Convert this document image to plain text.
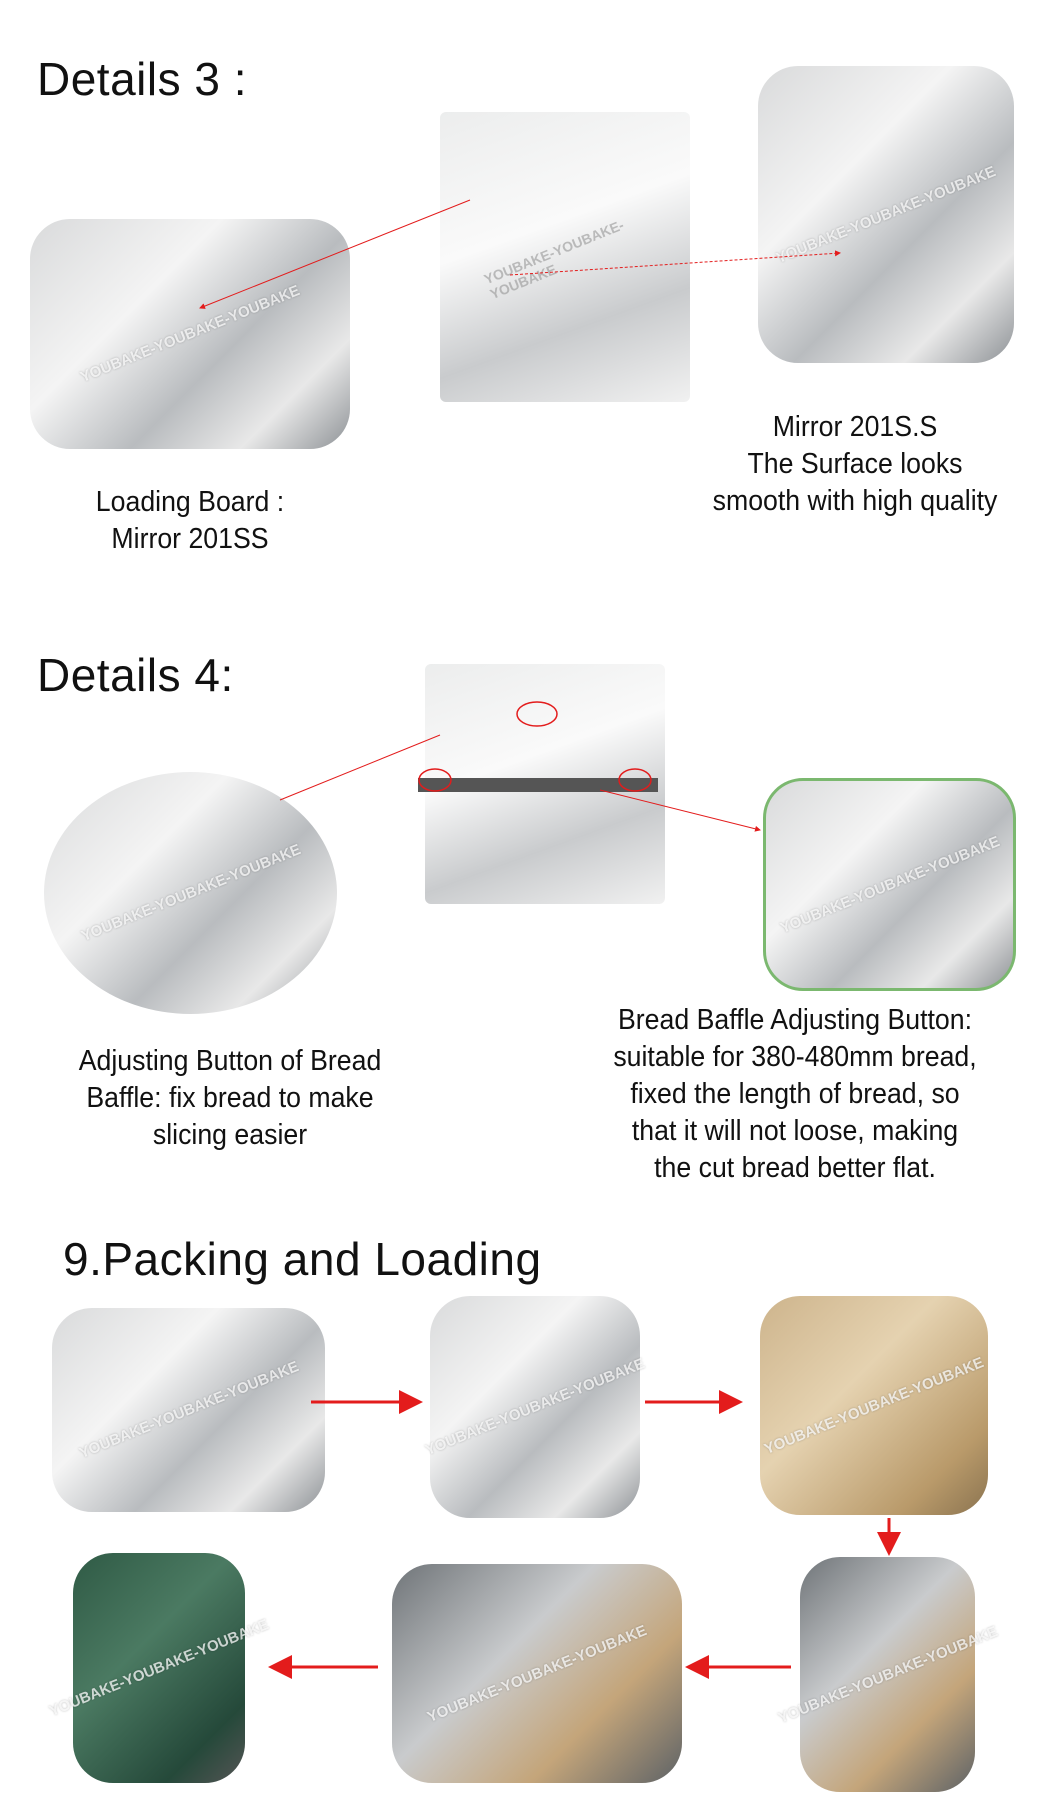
Details 3 :
YOUBAKE-YOUBAKE-YOUBAKE
YOUBAKE-YOUBAKE-YOUBAKE
YOUBAKE-YOUBAKE-YOUBAKE
Loading Board :
Mirror 201SS
Mirror 201S.S
The Surface looks
smooth with high quality
Details 4:
YOUBAKE-YOUBAKE-YOUBAKE	YOUBAKE-YOUBAKE-YOUBAKE
Adjusting Button of Bread
Baffle: fix bread to make
slicing easier
Bread Baffle Adjusting Button:
suitable for 380-480mm bread,
fixed the length of bread, so
that it will not loose, making
the cut bread better flat.
9.Packing and Loading
YOUBAKE-YOUBAKE-YOUBAKE	YOUBAKE-YOUBAKE-YOUBAKE	YOUBAKE-YOUBAKE-YOUBAKE
YOUBAKE-YOUBAKE-YOUBAKE	YOUBAKE-YOUBAKE-YOUBAKE	YOUBAKE-YOUBAKE-YOUBAKE
